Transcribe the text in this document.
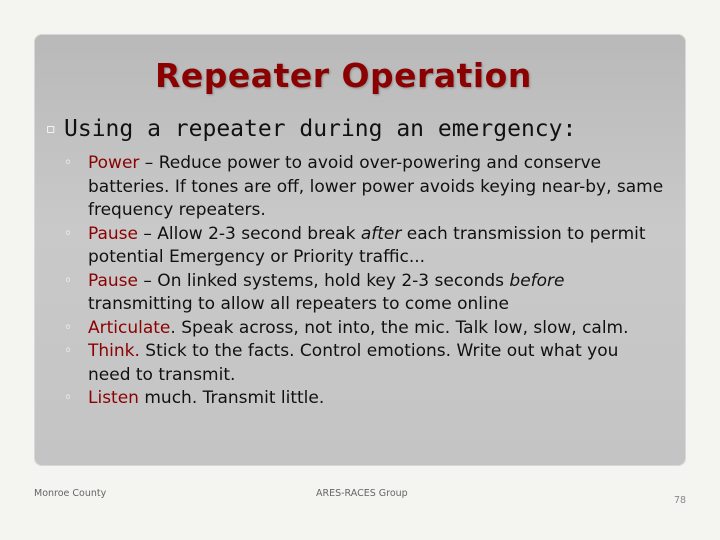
Repeater Operation
▫ Using a repeater during an emergency:
◦ Power – Reduce power to avoid over-powering and conserve batteries. If tones are off, lower power avoids keying near-by, same frequency repeaters.
◦ Pause – Allow 2-3 second break after each transmission to permit potential Emergency or Priority traffic...
◦ Pause – On linked systems, hold key 2-3 seconds before transmitting to allow all repeaters to come online
◦ Articulate. Speak across, not into, the mic. Talk low, slow, calm.
◦ Think. Stick to the facts. Control emotions. Write out what you need to transmit.
◦ Listen much. Transmit little.
Monroe County	ARES-RACES Group
78
